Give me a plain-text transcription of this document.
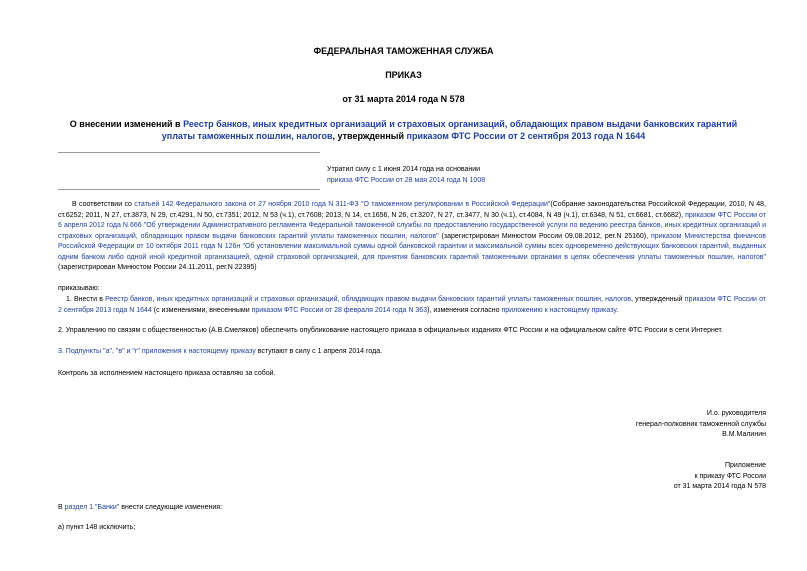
ФЕДЕРАЛЬНАЯ ТАМОЖЕННАЯ СЛУЖБА
ПРИКАЗ
от 31 марта 2014 года N 578
О внесении изменений в Реестр банков, иных кредитных организаций и страховых организаций, обладающих правом выдачи банковских гарантий уплаты таможенных пошлин, налогов, утвержденный приказом ФТС России от 2 сентября 2013 года N 1644
Утратил силу с 1 июня 2014 года на основании
приказа ФТС России от 28 мая 2014 года N 1008
В соответствии со статьей 142 Федерального закона от 27 ноября 2010 года N 311-ФЗ "О таможенном регулировании в Российской Федерации"(Собрание законодательства Российской Федерации, 2010, N 48, ст.6252; 2011, N 27, ст.3873, N 29, ст.4291, N 50, ст.7351; 2012, N 53 (ч.1), ст.7608; 2013, N 14, ст.1656, N 26, ст.3207, N 27, ст.3477, N 30 (ч.1), ст.4084, N 49 (ч.1), ст.6348, N 51, ст.6681, ст.6682), приказом ФТС России от 6 апреля 2012 года N 666 "Об утверждении Административного регламента Федеральной таможенной службы по предоставлению государственной услуги по ведению реестра банков, иных кредитных организаций и страховых организаций, обладающих правом выдачи банковских гарантий уплаты таможенных пошлин, налогов" (зарегистрирован Минюстом России 09.08.2012, рег.N 25160), приказом Министерства финансов Российской Федерации от 10 октября 2011 года N 126н "Об установлении максимальной суммы одной банковской гарантии и максимальной суммы всех одновременно действующих банковских гарантий, выданных одним банком либо одной иной кредитной организацией, одной страховой организацией, для принятия банковских гарантий таможенными органами в целях обеспечения уплаты таможенных пошлин, налогов" (зарегистрирован Минюстом России 24.11.2011, рег.N 22395)
приказываю:
1. Внести в Реестр банков, иных кредитных организаций и страховых организаций, обладающих правом выдачи банковских гарантий уплаты таможенных пошлин, налогов, утвержденный приказом ФТС России от 2 сентября 2013 года N 1644 (с изменениями, внесенными приказом ФТС России от 28 февраля 2014 года N 363), изменения согласно приложению к настоящему приказу.
2. Управлению по связям с общественностью (А.В.Смеляков) обеспечить опубликование настоящего приказа в официальных изданиях ФТС России и на официальном сайте ФТС России в сети Интернет.
3. Подпункты "а", "в" и "г" приложения к настоящему приказу вступают в силу с 1 апреля 2014 года.
Контроль за исполнением настоящего приказа оставляю за собой.
И.о. руководителя
генерал-полковник таможенной службы
В.М.Малинин
Приложение
к приказу ФТС России
от 31 марта 2014 года N 578
В раздел 1 "Банки" внести следующие изменения:
а) пункт 148 исключить;
